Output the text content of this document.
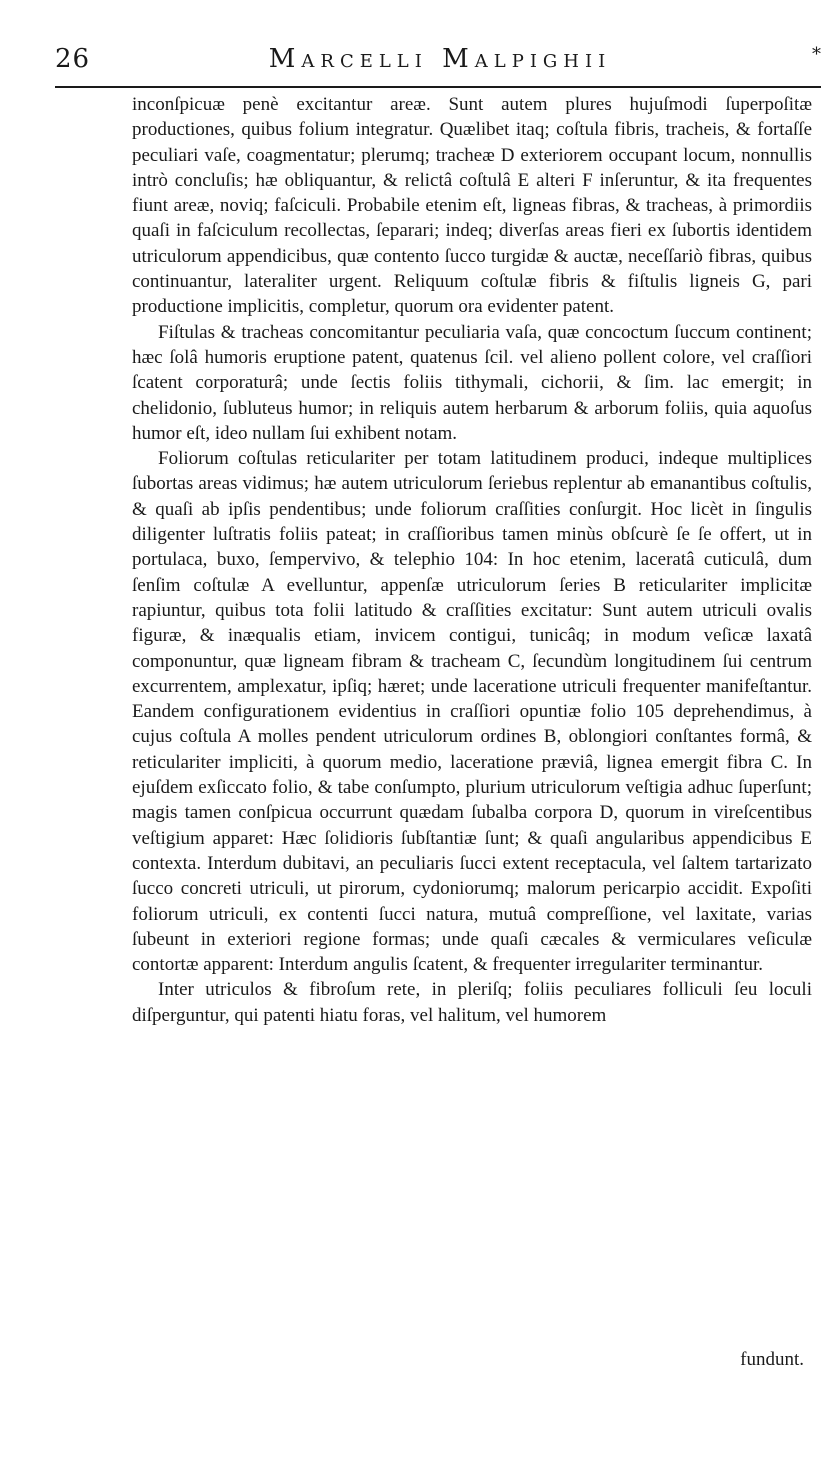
26	Marcelli Malpighii	*

inconſpicuæ penè excitantur areæ. Sunt autem plures hujuſmodi ſuperpoſitæ productiones, quibus folium integratur. Quælibet itaq; coſtula fibris, tracheis, & fortaſſe peculiari vaſe, coagmentatur; plerumq; tracheæ D exteriorem occupant locum, nonnullis intrò concluſis; hæ obliquantur, & relictâ coſtulâ E alteri F inſeruntur, & ita frequentes fiunt areæ, noviq; faſciculi. Probabile etenim eſt, ligneas fibras, & tracheas, à primordiis quaſi in faſciculum recollectas, ſeparari; indeq; diverſas areas fieri ex ſubortis identidem utriculorum appendicibus, quæ contento ſucco turgidæ & auctæ, neceſſariò fibras, quibus continuantur, lateraliter urgent. Reliquum coſtulæ fibris & fiſtulis ligneis G, pari productione implicitis, completur, quorum ora evidenter patent.

Fiſtulas & tracheas concomitantur peculiaria vaſa, quæ concoctum ſuccum continent; hæc ſolâ humoris eruptione patent, quatenus ſcil. vel alieno pollent colore, vel craſſiori ſcatent corporaturâ; unde ſectis foliis tithymali, cichorii, & ſim. lac emergit; in chelidonio, ſubluteus humor; in reliquis autem herbarum & arborum foliis, quia aquoſus humor eſt, ideo nullam ſui exhibent notam.

Foliorum coſtulas reticulariter per totam latitudinem produci, indeque multiplices ſubortas areas vidimus; hæ autem utriculorum ſeriebus replentur ab emanantibus coſtulis, & quaſi ab ipſis pendentibus; unde foliorum craſſities conſurgit. Hoc licèt in ſingulis diligenter luſtratis foliis pateat; in craſſioribus tamen minùs obſcurè ſe ſe offert, ut in portulaca, buxo, ſempervivo, & telephio 104: In hoc etenim, laceratâ cuticulâ, dum ſenſim coſtulæ A evelluntur, appenſæ utriculorum ſeries B reticulariter implicitæ rapiuntur, quibus tota folii latitudo & craſſities excitatur: Sunt autem utriculi ovalis figuræ, & inæqualis etiam, invicem contigui, tunicâq; in modum veſicæ laxatâ componuntur, quæ ligneam fibram & tracheam C, ſecundùm longitudinem ſui centrum excurrentem, amplexatur, ipſiq; hæret; unde laceratione utriculi frequenter manifeſtantur. Eandem configurationem evidentius in craſſiori opuntiæ folio 105 deprehendimus, à cujus coſtula A molles pendent utriculorum ordines B, oblongiori conſtantes formâ, & reticulariter impliciti, à quorum medio, laceratione præviâ, lignea emergit fibra C. In ejuſdem exſiccato folio, & tabe conſumpto, plurium utriculorum veſtigia adhuc ſuperſunt; magis tamen conſpicua occurrunt quædam ſubalba corpora D, quorum in vireſcentibus veſtigium apparet: Hæc ſolidioris ſubſtantiæ ſunt; & quaſi angularibus appendicibus E contexta. Interdum dubitavi, an peculiaris ſucci extent receptacula, vel ſaltem tartarizato ſucco concreti utriculi, ut pirorum, cydoniorumq; malorum pericarpio accidit. Expoſiti foliorum utriculi, ex contenti ſucci natura, mutuâ compreſſione, vel laxitate, varias ſubeunt in exteriori regione formas; unde quaſi cæcales & vermiculares veſiculæ contortæ apparent: Interdum angulis ſcatent, & frequenter irregulariter terminantur.

Inter utriculos & fibroſum rete, in pleriſq; foliis peculiares folliculi ſeu loculi diſperguntur, qui patenti hiatu foras, vel halitum, vel humorem

fundunt.
